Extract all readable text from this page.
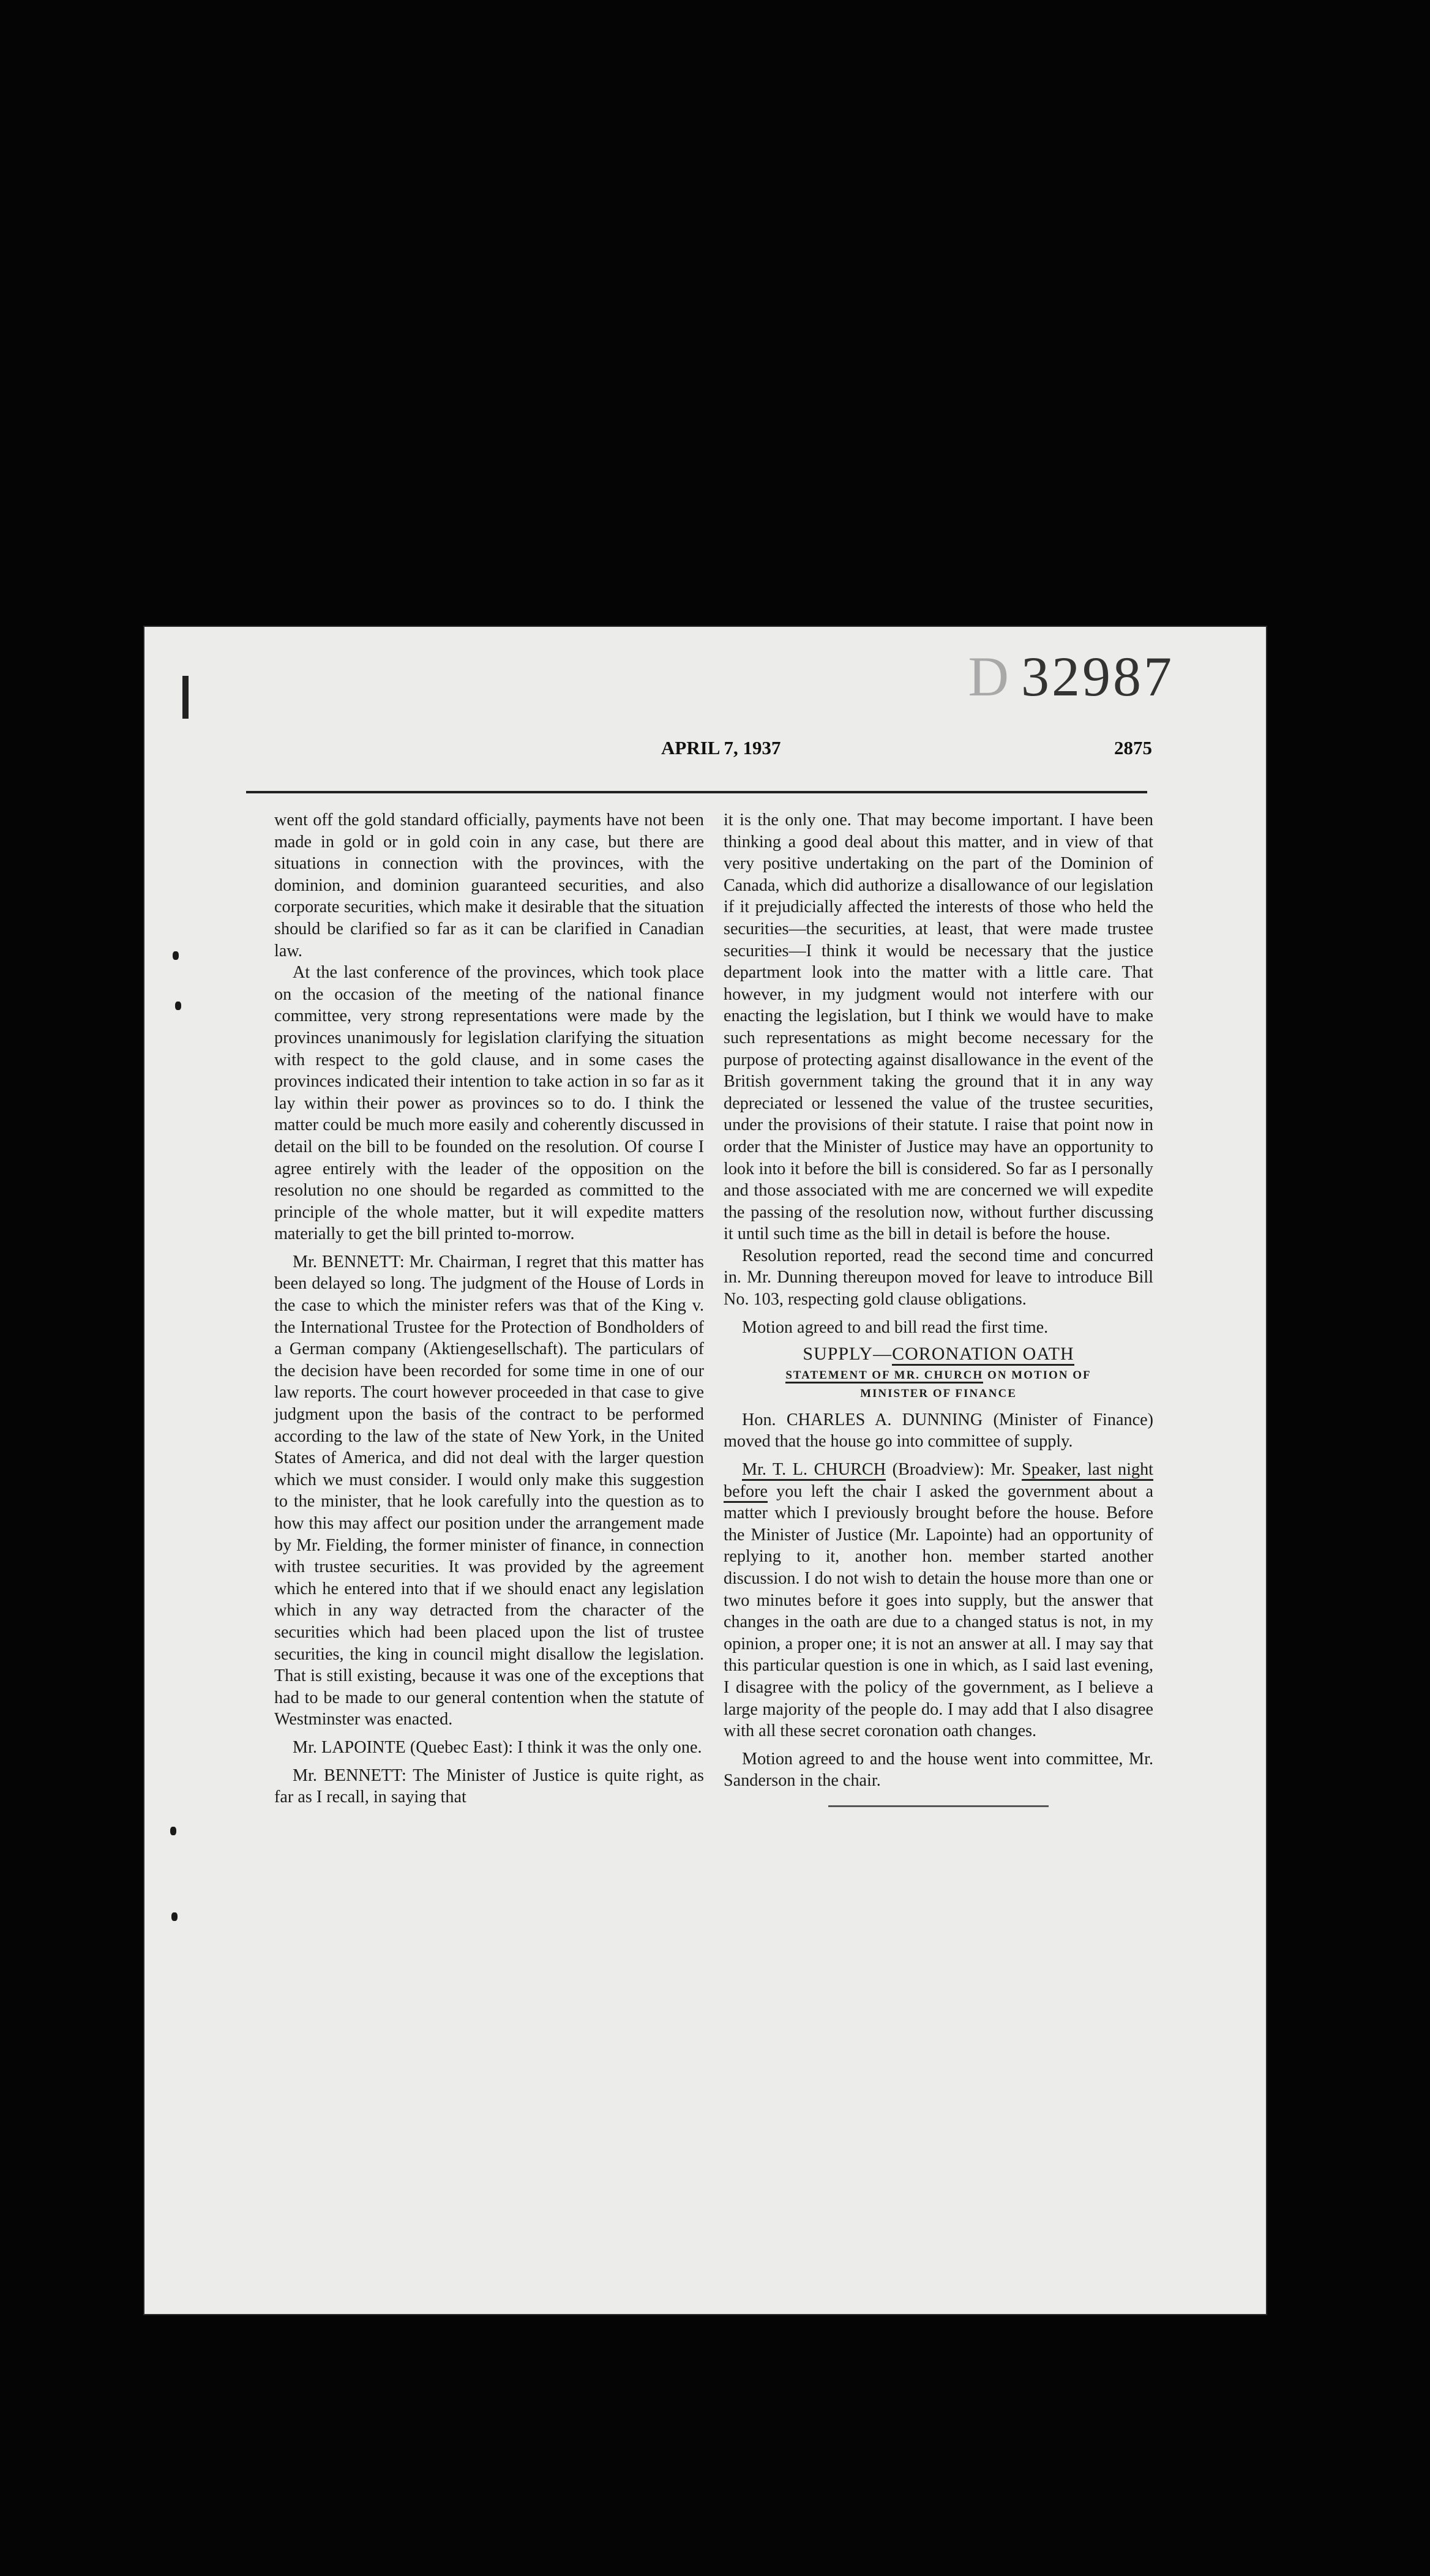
D 32987
APRIL 7, 1937	2875

went off the gold standard officially, payments have not been made in gold or in gold coin in any case, but there are situations in connection with the provinces, with the dominion, and dominion guaranteed securities, and also corporate securities, which make it desirable that the situation should be clarified so far as it can be clarified in Canadian law.

At the last conference of the provinces, which took place on the occasion of the meeting of the national finance committee, very strong representations were made by the provinces unanimously for legislation clarifying the situation with respect to the gold clause, and in some cases the provinces indicated their intention to take action in so far as it lay within their power as provinces so to do. I think the matter could be much more easily and coherently discussed in detail on the bill to be founded on the resolution. Of course I agree entirely with the leader of the opposition on the resolution no one should be regarded as committed to the principle of the whole matter, but it will expedite matters materially to get the bill printed to-morrow.

Mr. BENNETT: Mr. Chairman, I regret that this matter has been delayed so long. The judgment of the House of Lords in the case to which the minister refers was that of the King v. the International Trustee for the Protection of Bondholders of a German company (Aktiengesellschaft). The particulars of the decision have been recorded for some time in one of our law reports. The court however proceeded in that case to give judgment upon the basis of the contract to be performed according to the law of the state of New York, in the United States of America, and did not deal with the larger question which we must consider. I would only make this suggestion to the minister, that he look carefully into the question as to how this may affect our position under the arrangement made by Mr. Fielding, the former minister of finance, in connection with trustee securities. It was provided by the agreement which he entered into that if we should enact any legislation which in any way detracted from the character of the securities which had been placed upon the list of trustee securities, the king in council might disallow the legislation. That is still existing, because it was one of the exceptions that had to be made to our general contention when the statute of Westminster was enacted.

Mr. LAPOINTE (Quebec East): I think it was the only one.

Mr. BENNETT: The Minister of Justice is quite right, as far as I recall, in saying that

it is the only one. That may become important. I have been thinking a good deal about this matter, and in view of that very positive undertaking on the part of the Dominion of Canada, which did authorize a disallowance of our legislation if it prejudicially affected the interests of those who held the securities—the securities, at least, that were made trustee securities—I think it would be necessary that the justice department look into the matter with a little care. That however, in my judgment would not interfere with our enacting the legislation, but I think we would have to make such representations as might become necessary for the purpose of protecting against disallowance in the event of the British government taking the ground that it in any way depreciated or lessened the value of the trustee securities, under the provisions of their statute. I raise that point now in order that the Minister of Justice may have an opportunity to look into it before the bill is considered. So far as I personally and those associated with me are concerned we will expedite the passing of the resolution now, without further discussing it until such time as the bill in detail is before the house.

Resolution reported, read the second time and concurred in. Mr. Dunning thereupon moved for leave to introduce Bill No. 103, respecting gold clause obligations.

Motion agreed to and bill read the first time.

SUPPLY—CORONATION OATH
STATEMENT OF MR. CHURCH ON MOTION OF
MINISTER OF FINANCE

Hon. CHARLES A. DUNNING (Minister of Finance) moved that the house go into committee of supply.

Mr. T. L. CHURCH (Broadview): Mr. Speaker, last night before you left the chair I asked the government about a matter which I previously brought before the house. Before the Minister of Justice (Mr. Lapointe) had an opportunity of replying to it, another hon. member started another discussion. I do not wish to detain the house more than one or two minutes before it goes into supply, but the answer that changes in the oath are due to a changed status is not, in my opinion, a proper one; it is not an answer at all. I may say that this particular question is one in which, as I said last evening, I disagree with the policy of the government, as I believe a large majority of the people do. I may add that I also disagree with all these secret coronation oath changes.

Motion agreed to and the house went into committee, Mr. Sanderson in the chair.
